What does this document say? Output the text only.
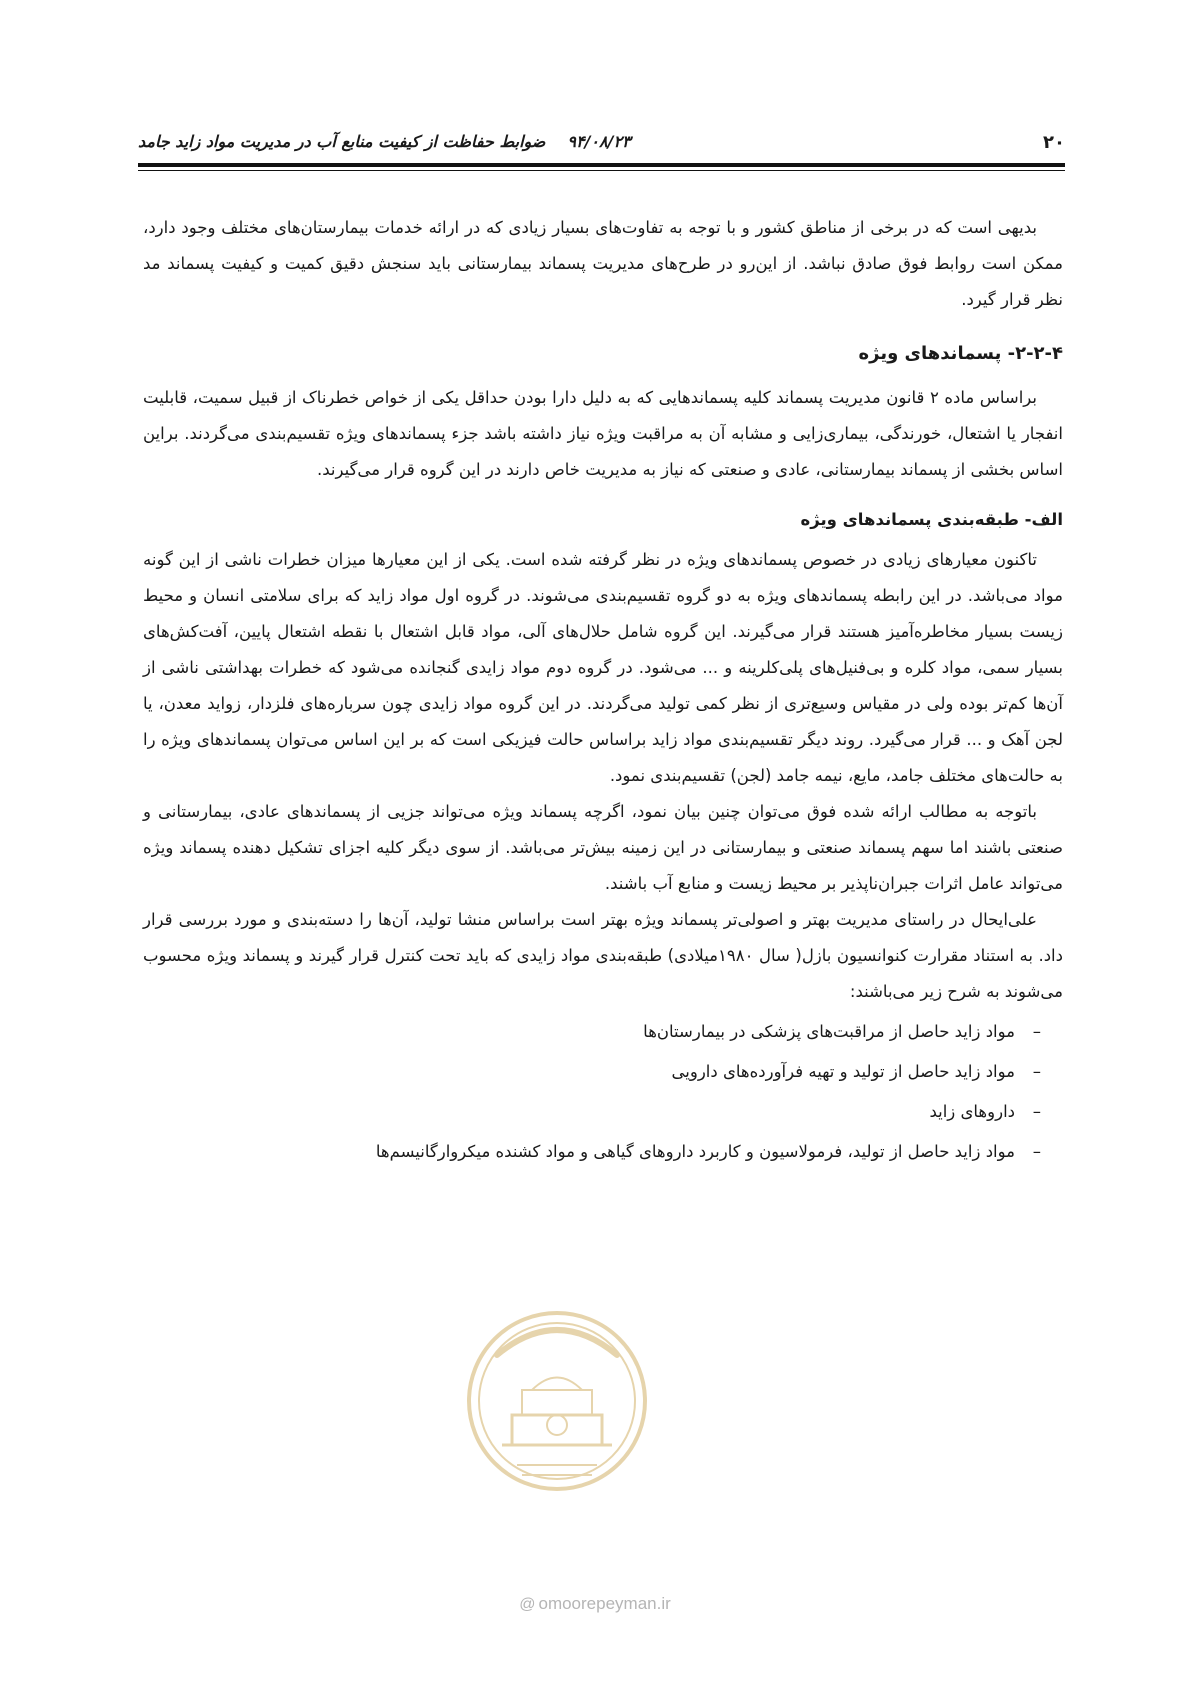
۲۰
۹۴/۰۸/۲۳ضوابط حفاظت از کیفیت منابع آب در مدیریت مواد زاید جامد

بدیهی است که در برخی از مناطق کشور و با توجه به تفاوت‌های بسیار زیادی که در ارائه خدمات بیمارستان‌های مختلف وجود دارد، ممکن است روابط فوق صادق نباشد. از این‌رو در طرح‌های مدیریت پسماند بیمارستانی باید سنجش دقیق کمیت و کیفیت پسماند مد نظر قرار گیرد.

۲-۲-۴- پسماندهای ویژه

براساس ماده ۲ قانون مدیریت پسماند کلیه پسماندهایی که به دلیل دارا بودن حداقل یکی از خواص خطرناک از قبیل سمیت، قابلیت انفجار یا اشتعال، خورندگی، بیماری‌زایی و مشابه آن به مراقبت ویژه نیاز داشته باشد جزء پسماندهای ویژه تقسیم‌بندی می‌گردند. براین اساس بخشی از پسماند بیمارستانی، عادی و صنعتی که نیاز به مدیریت خاص دارند در این گروه قرار می‌گیرند.

الف- طبقه‌بندی پسماندهای ویژه

تاکنون معیارهای زیادی در خصوص پسماندهای ویژه در نظر گرفته شده است. یکی از این معیارها میزان خطرات ناشی از این گونه مواد می‌باشد. در این رابطه پسماندهای ویژه به دو گروه تقسیم‌بندی می‌شوند. در گروه اول مواد زاید که برای سلامتی انسان و محیط زیست بسیار مخاطره‌آمیز هستند قرار می‌گیرند. این گروه شامل حلال‌های آلی، مواد قابل اشتعال با نقطه اشتعال پایین، آفت‌کش‌های بسیار سمی، مواد کلره و بی‌فنیل‌های پلی‌کلرینه و ... می‌شود. در گروه دوم مواد زایدی گنجانده می‌شود که خطرات بهداشتی ناشی از آن‌ها کم‌تر بوده ولی در مقیاس وسیع‌تری از نظر کمی تولید می‌گردند. در این گروه مواد زایدی چون سرباره‌های فلزدار، زواید معدن، یا لجن آهک و ... قرار می‌گیرد. روند دیگر تقسیم‌بندی مواد زاید براساس حالت فیزیکی است که بر این اساس می‌توان پسماندهای ویژه را به حالت‌های مختلف جامد، مایع، نیمه جامد (لجن) تقسیم‌بندی نمود.

باتوجه به مطالب ارائه شده فوق می‌توان چنین بیان نمود، اگرچه پسماند ویژه می‌تواند جزیی از پسماندهای عادی، بیمارستانی و صنعتی باشند اما سهم پسماند صنعتی و بیمارستانی در این زمینه بیش‌تر می‌باشد. از سوی دیگر کلیه اجزای تشکیل دهنده پسماند ویژه می‌تواند عامل اثرات جبران‌ناپذیر بر محیط زیست و منابع آب باشند.

علی‌ایحال در راستای مدیریت بهتر و اصولی‌تر پسماند ویژه بهتر است براساس منشا تولید، آن‌ها را دسته‌بندی و مورد بررسی قرار داد. به استناد مقرارت کنوانسیون بازل( سال ۱۹۸۰میلادی) طبقه‌بندی مواد زایدی که باید تحت کنترل قرار گیرند و پسماند ویژه محسوب می‌شوند به شرح زیر می‌باشند:

–
مواد زاید حاصل از مراقبت‌های پزشکی در بیمارستان‌ها
–
مواد زاید حاصل از تولید و تهیه فرآورده‌های دارویی
–
داروهای زاید
–
مواد زاید حاصل از تولید، فرمولاسیون و کاربرد داروهای گیاهی و مواد کشنده میکروارگانیسم‌ها
@ omoorepeyman.ir
